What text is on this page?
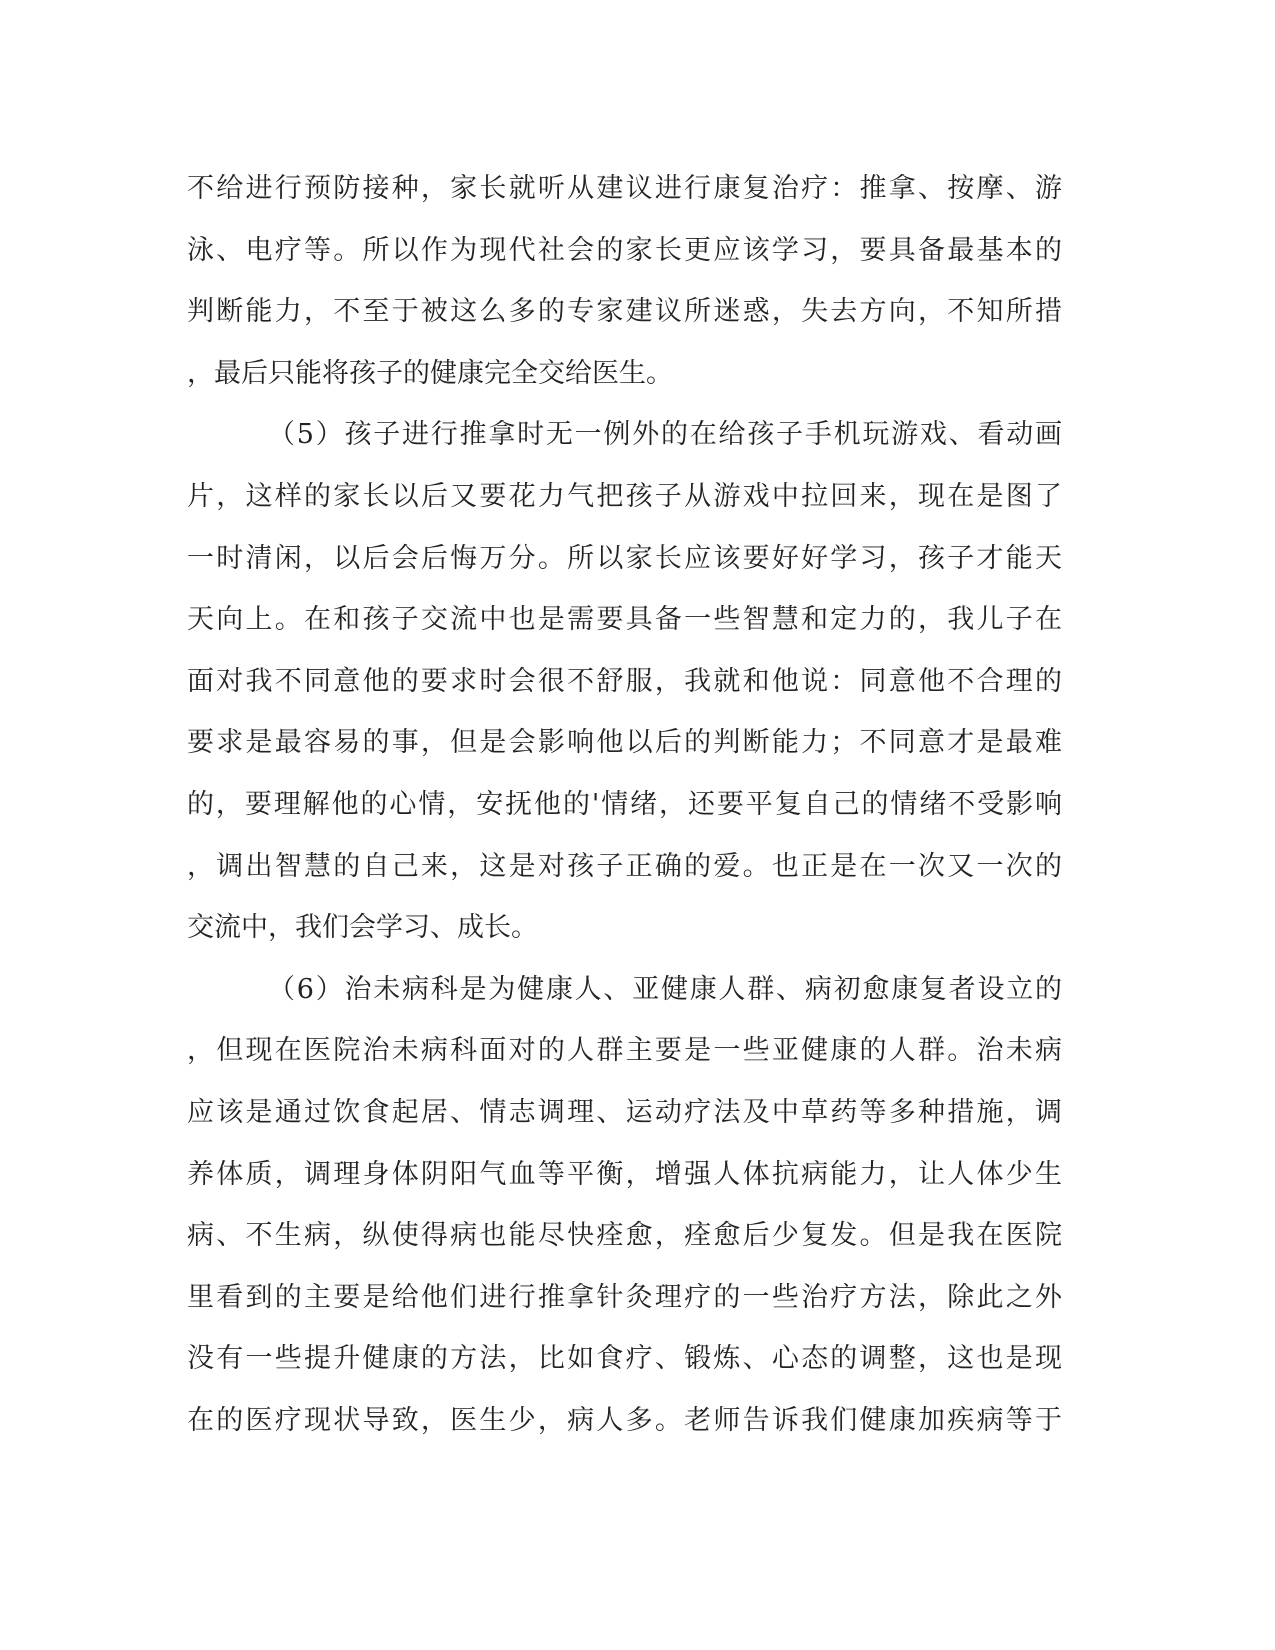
不给进行预防接种，家长就听从建议进行康复治疗：推拿、按摩、游
泳、电疗等。所以作为现代社会的家长更应该学习，要具备最基本的
判断能力，不至于被这么多的专家建议所迷惑，失去方向，不知所措
，最后只能将孩子的健康完全交给医生。
（5）孩子进行推拿时无一例外的在给孩子手机玩游戏、看动画
片，这样的家长以后又要花力气把孩子从游戏中拉回来，现在是图了
一时清闲，以后会后悔万分。所以家长应该要好好学习，孩子才能天
天向上。在和孩子交流中也是需要具备一些智慧和定力的，我儿子在
面对我不同意他的要求时会很不舒服，我就和他说：同意他不合理的
要求是最容易的事，但是会影响他以后的判断能力；不同意才是最难
的，要理解他的心情，安抚他的'情绪，还要平复自己的情绪不受影响
，调出智慧的自己来，这是对孩子正确的爱。也正是在一次又一次的
交流中，我们会学习、成长。
（6）治未病科是为健康人、亚健康人群、病初愈康复者设立的
，但现在医院治未病科面对的人群主要是一些亚健康的人群。治未病
应该是通过饮食起居、情志调理、运动疗法及中草药等多种措施，调
养体质，调理身体阴阳气血等平衡，增强人体抗病能力，让人体少生
病、不生病，纵使得病也能尽快痊愈，痊愈后少复发。但是我在医院
里看到的主要是给他们进行推拿针灸理疗的一些治疗方法，除此之外
没有一些提升健康的方法，比如食疗、锻炼、心态的调整，这也是现
在的医疗现状导致，医生少，病人多。老师告诉我们健康加疾病等于
